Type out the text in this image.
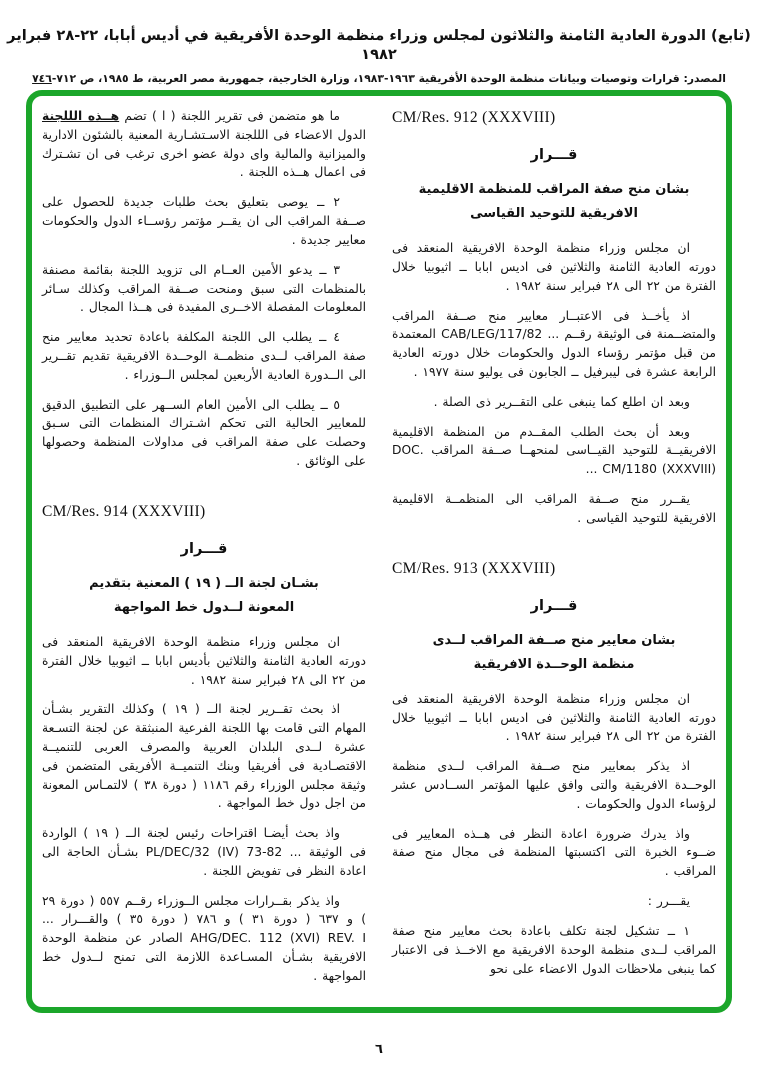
(تابع) الدورة العادية الثامنة والثلاثون لمجلس وزراء منظمة الوحدة الأفريقية في أديس أبابا، ٢٢-٢٨ فبراير ١٩٨٢
المصدر: قرارات وتوصيات وبيانات منظمة الوحدة الأفريقية ١٩٦٣-١٩٨٣، وزارة الخارجية، جمهورية مصر العربية، ط ١٩٨٥، ص ٧١٢-٧٤٦
CM/Res. 912 (XXXVIII)
قـــرار
بشان منح صفة المراقب للمنظمة الاقليمية
الافريقية للتوحيد القياسى

ان مجلس وزراء منظمة الوحدة الافريقية المنعقد فى دورته العادية الثامنة والثلاثين فى اديس ابابا ــ اثيوبيا خلال الفترة من ٢٢ الى ٢٨ فبراير سنة ١٩٨٢ .

اذ يأخــذ فى الاعتبــار معايير منح صــفة المراقب والمتضــمنة فى الوثيقة رقــم ... CAB/LEG/117/82 المعتمدة من قبل مؤتمر رؤساء الدول والحكومات خلال دورته العادية الرابعة عشرة فى ليبرفيل ــ الجابون فى يوليو سنة ١٩٧٧ .

وبعد ان اطلع كما ينبغى على التقــرير ذى الصلة .

وبعد أن بحث الطلب المقــدم من المنظمة الاقليمية الافريقيــة للتوحيد القيــاسى لمنحهــا صــفة المراقب DOC. CM/1180 (XXXVIII) ...

يقــرر منح صــفة المراقب الى المنظمــة الاقليمية الافريقية للتوحيد القياسى .

CM/Res. 913 (XXXVIII)
قـــرار
بشان معايير منح صــفة المراقب لــدى
منظمة الوحــدة الافريقية

ان مجلس وزراء منظمة الوحدة الافريقية المنعقد فى دورته العادية الثامنة والثلاثين فى اديس ابابا ــ اثيوبيا خلال الفترة من ٢٢ الى ٢٨ فبراير سنة ١٩٨٢ .

اذ يذكر بمعايير منح صــفة المراقب لــدى منظمة الوحــدة الافريقية والتى وافق عليها المؤتمر الســادس عشر لرؤساء الدول والحكومات .

واذ يدرك ضرورة اعادة النظر فى هــذه المعايير فى ضــوء الخبرة التى اكتسبتها المنظمة فى مجال منح صفة المراقب .

يقـــرر :

١ ــ تشكيل لجنة تكلف باعادة بحث معايير منح صفة المراقب لــدى منظمة الوحدة الافريقية مع الاخــذ فى الاعتبار كما ينبغى ملاحظات الدول الاعضاء على نحو

ما هو متضمن فى تقرير اللجنة ( ا ) تضم هــذه الللجنة الدول الاعضاء فى الللجنة الاسـتشـارية المعنية بالشئون الادارية والميزانية والمالية واى دولة عضو اخرى ترغب فى ان تشـترك فى اعمال هــذه اللجنة .

٢ ــ يوصى بتعليق بحث طلبات جديدة للحصول على صــفة المراقب الى ان يقــر مؤتمر رؤســاء الدول والحكومات معايير جديدة .

٣ ــ يدعو الأمين العــام الى تزويد اللجنة بقائمة مصنفة بالمنظمات التى سبق ومنحت صــفة المراقب وكذلك سـائر المعلومات المفصلة الاخــرى المفيدة فى هــذا المجال .

٤ ــ يطلب الى اللجنة المكلفة باعادة تحديد معايير منح صفة المراقب لــدى منظمــة الوحــدة الافريقية تقديم تقــرير الى الــدورة العادية الأربعين لمجلس الــوزراء .

٥ ــ يطلب الى الأمين العام الســهر على التطبيق الدقيق للمعايير الحالية التى تحكم اشـتراك المنظمات التى سـبق وحصلت على صفة المراقب فى مداولات المنظمة وحصولها على الوثائق .

CM/Res. 914 (XXXVIII)
قـــرار
بشـان لجنة الــ ( ١٩ ) المعنية بتقديم
المعونة لــدول خط المواجهة

ان مجلس وزراء منظمة الوحدة الافريقية المنعقد فى دورته العادية الثامنة والثلاثين بأديس ابابا ــ اثيوبيا خلال الفترة من ٢٢ الى ٢٨ فبراير سنة ١٩٨٢ .

اذ بحث تقــرير لجنة الــ ( ١٩ ) وكذلك التقرير بشـأن المهام التى قامت بها اللجنة الفرعية المنبثقة عن لجنة التسـعة عشرة لــدى البلدان العربية والمصرف العربى للتنميــة الاقتصـادية فى أفريقيا وبنك التنميــة الأفريقى المتضمن فى وثيقة مجلس الوزراء رقم ١١٨٦ ( دورة ٣٨ ) لالتمـاس المعونة من اجل دول خط المواجهة .

واذ بحث أيضـا اقتراحات رئيس لجنة الــ ( ١٩ ) الواردة فى الوثيقة ... PL/DEC/32 (IV) 73-82 بشـأن الحاجة الى اعادة النظر فى تفويض اللجنة .

واذ يذكر بقــرارات مجلس الــوزراء رقــم ٥٥٧ ( دورة ٢٩ ) و ٦٣٧ ( دورة ٣١ ) و ٧٨٦ ( دورة ٣٥ ) والقـــرار ... AHG/DEC. 112 (XVI) REV. I الصادر عن منظمة الوحدة الافريقية بشـأن المسـاعدة اللازمة التى تمنح لــدول خط المواجهة .

٦
